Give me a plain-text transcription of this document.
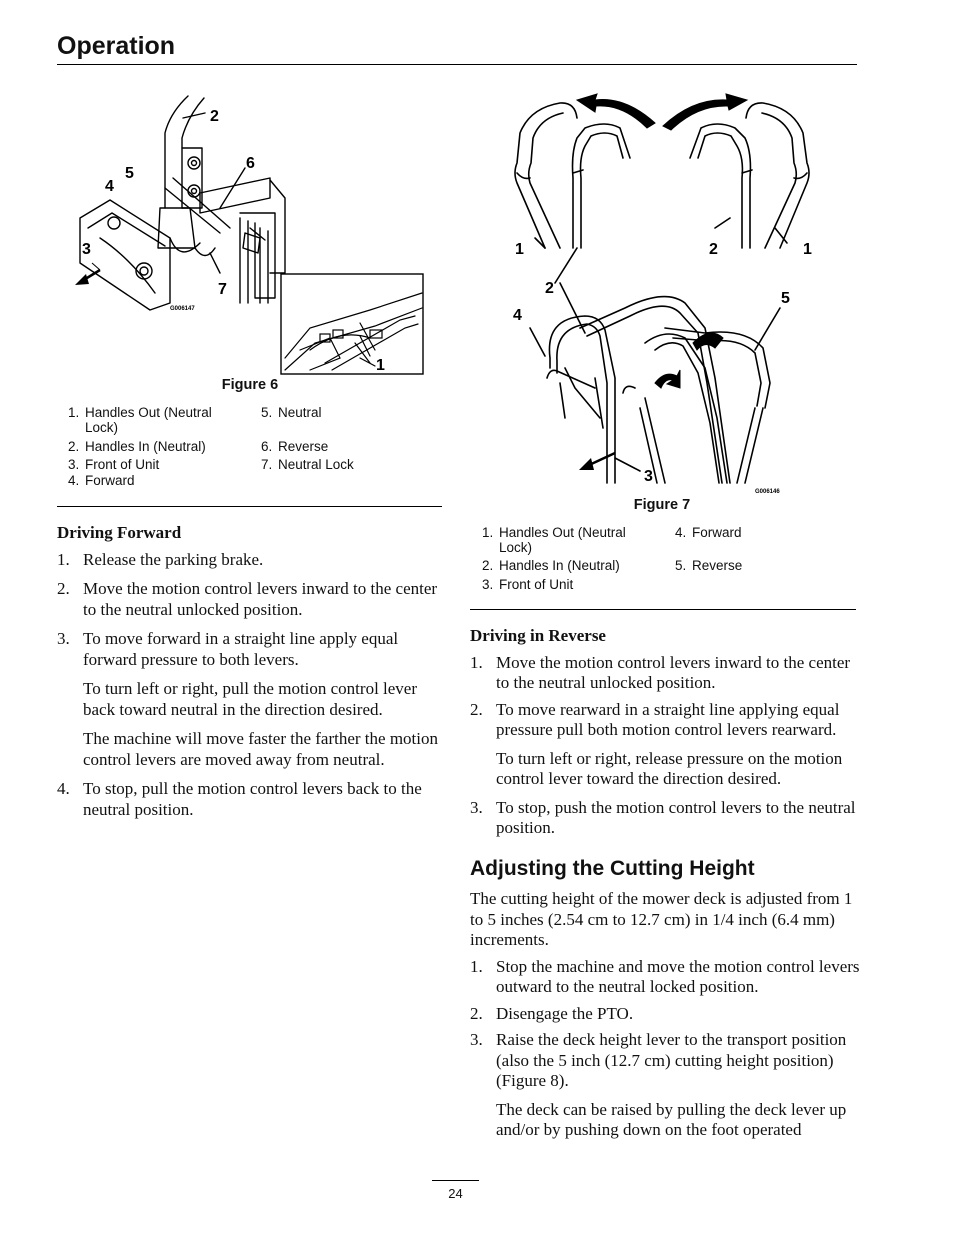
Operation
2
6
5
4
3
7
1
G006147
Figure 6
1. Handles Out (Neutral Lock)
2. Handles In (Neutral)
3. Front of Unit
4. Forward
5. Neutral
6. Reverse
7. Neutral Lock
Driving Forward
1. Release the parking brake.
2. Move the motion control levers inward to the center to the neutral unlocked position.
3. To move forward in a straight line apply equal forward pressure to both levers.

To turn left or right, pull the motion control lever back toward neutral in the direction desired.

The machine will move faster the farther the motion control levers are moved away from neutral.

4. To stop, pull the motion control levers back to the neutral position.
1	2	1
2
4
5
3
G006146
Figure 7
1. Handles Out (Neutral Lock)
2. Handles In (Neutral)
3. Front of Unit
4. Forward
5. Reverse
Driving in Reverse
1. Move the motion control levers inward to the center to the neutral unlocked position.
2. To move rearward in a straight line applying equal pressure pull both motion control levers rearward.

To turn left or right, release pressure on the motion control lever toward the direction desired.

3. To stop, push the motion control levers to the neutral position.
Adjusting the Cutting Height

The cutting height of the mower deck is adjusted from 1 to 5 inches (2.54 cm to 12.7 cm) in 1/4 inch (6.4 mm) increments.

1. Stop the machine and move the motion control levers outward to the neutral locked position.
2. Disengage the PTO.
3. Raise the deck height lever to the transport position (also the 5 inch (12.7 cm) cutting height position)(Figure 8).

The deck can be raised by pulling the deck lever up and/or by pushing down on the foot operated

24
